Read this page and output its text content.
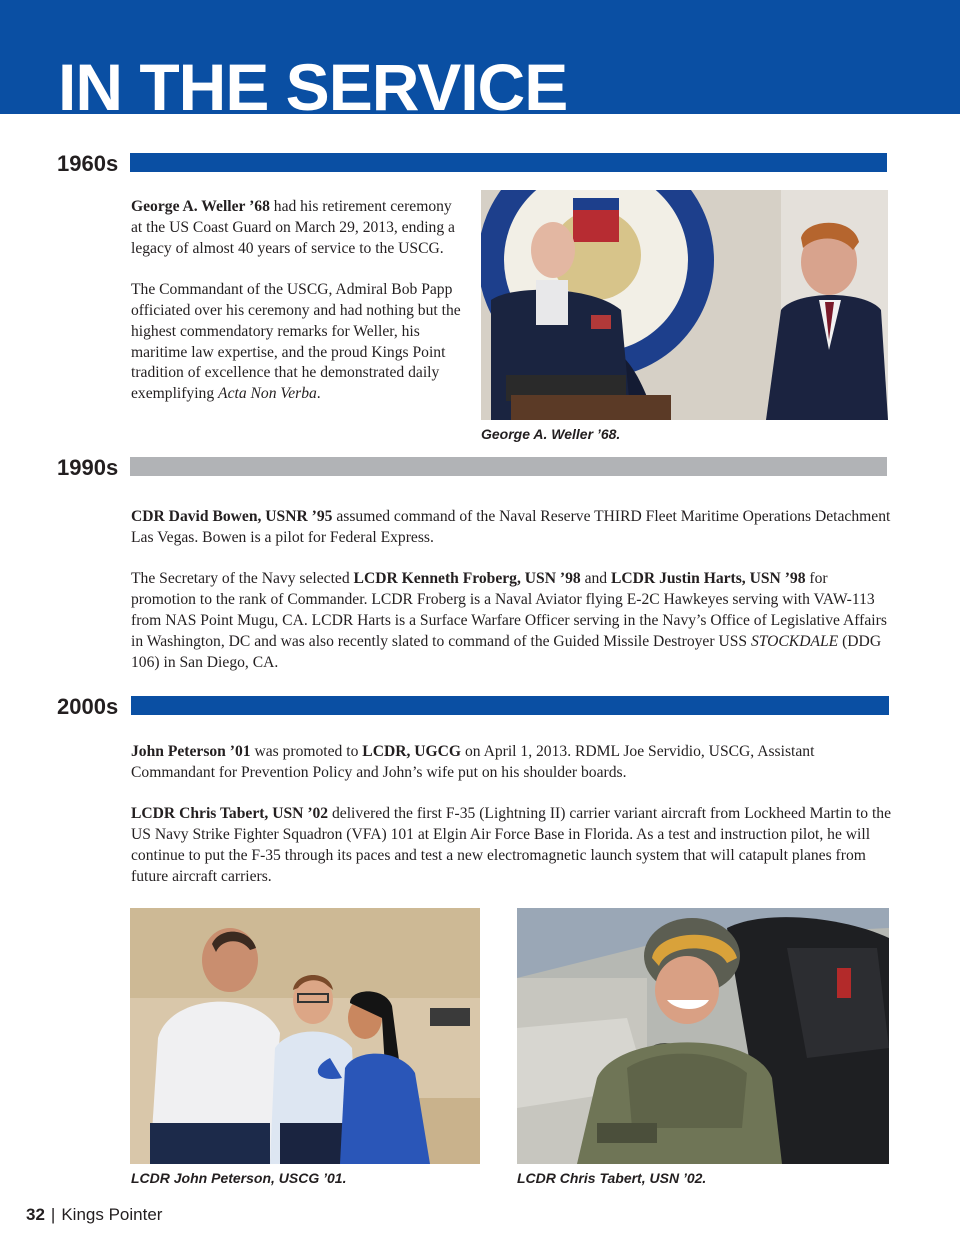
IN THE SERVICE
1960s

George A. Weller ’68 had his retirement ceremony at the US Coast Guard on March 29, 2013, ending a legacy of almost 40 years of service to the USCG.

The Commandant of the USCG, Admiral Bob Papp officiated over his ceremony and had nothing but the highest commendatory remarks for Weller, his maritime law expertise, and the proud Kings Point tradition of excellence that he demonstrated daily exemplifying Acta Non Verba.

George A. Weller ’68.
1990s

CDR David Bowen, USNR ’95 assumed command of the Naval Reserve THIRD Fleet Maritime Operations Detachment Las Vegas. Bowen is a pilot for Federal Express.

The Secretary of the Navy selected LCDR Kenneth Froberg, USN ’98 and LCDR Justin Harts, USN ’98 for promotion to the rank of Commander. LCDR Froberg is a Naval Aviator flying E-2C Hawkeyes serving with VAW-113 from NAS Point Mugu, CA. LCDR Harts is a Surface Warfare Officer serving in the Navy’s Office of Legislative Affairs in Washington, DC and was also recently slated to command of the Guided Missile Destroyer USS STOCKDALE (DDG 106) in San Diego, CA.

2000s

John Peterson ’01 was promoted to LCDR, UGCG on April 1, 2013. RDML Joe Servidio, USCG, Assistant Commandant for Prevention Policy and John’s wife put on his shoulder boards.

LCDR Chris Tabert, USN ’02 delivered the first F-35 (Lightning II) carrier variant aircraft from Lockheed Martin to the US Navy Strike Fighter Squadron (VFA) 101 at Elgin Air Force Base in Florida. As a test and instruction pilot, he will continue to put the F-35 through its paces and test a new electromagnetic launch system that will catapult planes from future aircraft carriers.

LCDR John Peterson, USCG ’01.	LCDR Chris Tabert, USN ’02.
32 | Kings Pointer
